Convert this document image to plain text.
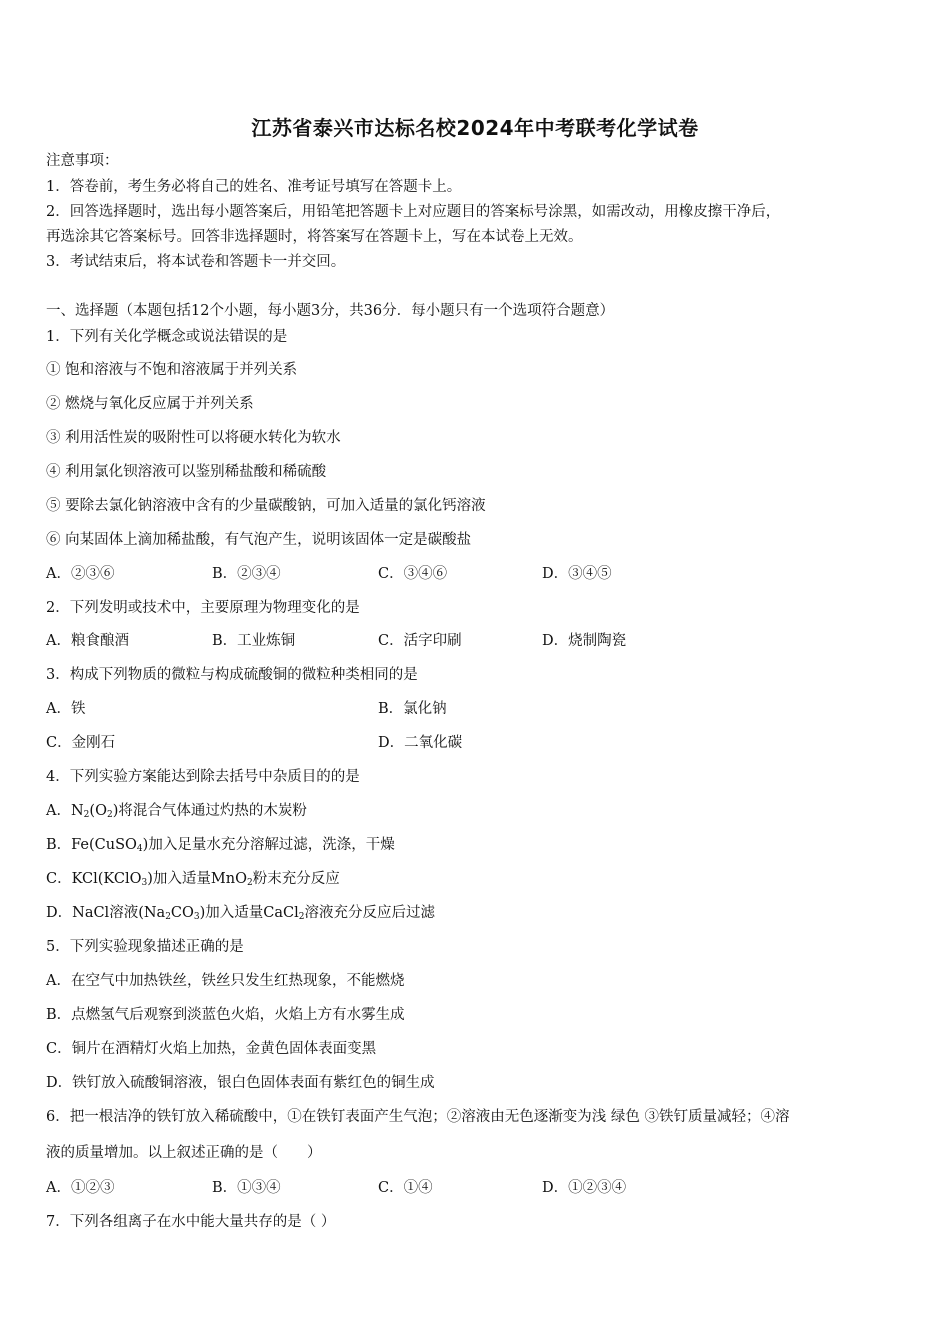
江苏省泰兴市达标名校2024年中考联考化学试卷
注意事项：
1．答卷前，考生务必将自己的姓名、准考证号填写在答题卡上。
2．回答选择题时，选出每小题答案后，用铅笔把答题卡上对应题目的答案标号涂黑，如需改动，用橡皮擦干净后，
再选涂其它答案标号。回答非选择题时，将答案写在答题卡上，写在本试卷上无效。
3．考试结束后，将本试卷和答题卡一并交回。
一、选择题（本题包括12个小题，每小题3分，共36分．每小题只有一个选项符合题意）
1．下列有关化学概念或说法错误的是
① 饱和溶液与不饱和溶液属于并列关系
② 燃烧与氧化反应属于并列关系
③ 利用活性炭的吸附性可以将硬水转化为软水
④ 利用氯化钡溶液可以鉴别稀盐酸和稀硫酸
⑤ 要除去氯化钠溶液中含有的少量碳酸钠，可加入适量的氯化钙溶液
⑥ 向某固体上滴加稀盐酸，有气泡产生，说明该固体一定是碳酸盐
A．②③⑥	B．②③④	C．③④⑥	D．③④⑤
2．下列发明或技术中，主要原理为物理变化的是
A．粮食酿酒	B．工业炼铜	C．活字印刷	D．烧制陶瓷
3．构成下列物质的微粒与构成硫酸铜的微粒种类相同的是
A．铁	B．氯化钠
C．金刚石	D．二氧化碳
4．下列实验方案能达到除去括号中杂质目的的是
A．$N_2(O_2)$将混合气体通过灼热的木炭粉
B．Fe(CuSO$_4$)加入足量水充分溶解过滤，洗涤，干燥
C．KCl(KClO$_3$)加入适量MnO$_2$粉末充分反应
D．NaCl溶液$(Na_2CO_3)$加入适量CaCl$_2$溶液充分反应后过滤
5．下列实验现象描述正确的是
A．在空气中加热铁丝，铁丝只发生红热现象，不能燃烧
B．点燃氢气后观察到淡蓝色火焰，火焰上方有水雾生成
C．铜片在酒精灯火焰上加热，金黄色固体表面变黑
D．铁钉放入硫酸铜溶液，银白色固体表面有紫红色的铜生成
6．把一根洁净的铁钉放入稀硫酸中，①在铁钉表面产生气泡；②溶液由无色逐渐变为浅 绿色 ③铁钉质量减轻；④溶
液的质量增加。以上叙述正确的是（　　）
A．①②③	B．①③④	C．①④	D．①②③④
7．下列各组离子在水中能大量共存的是（ ）
